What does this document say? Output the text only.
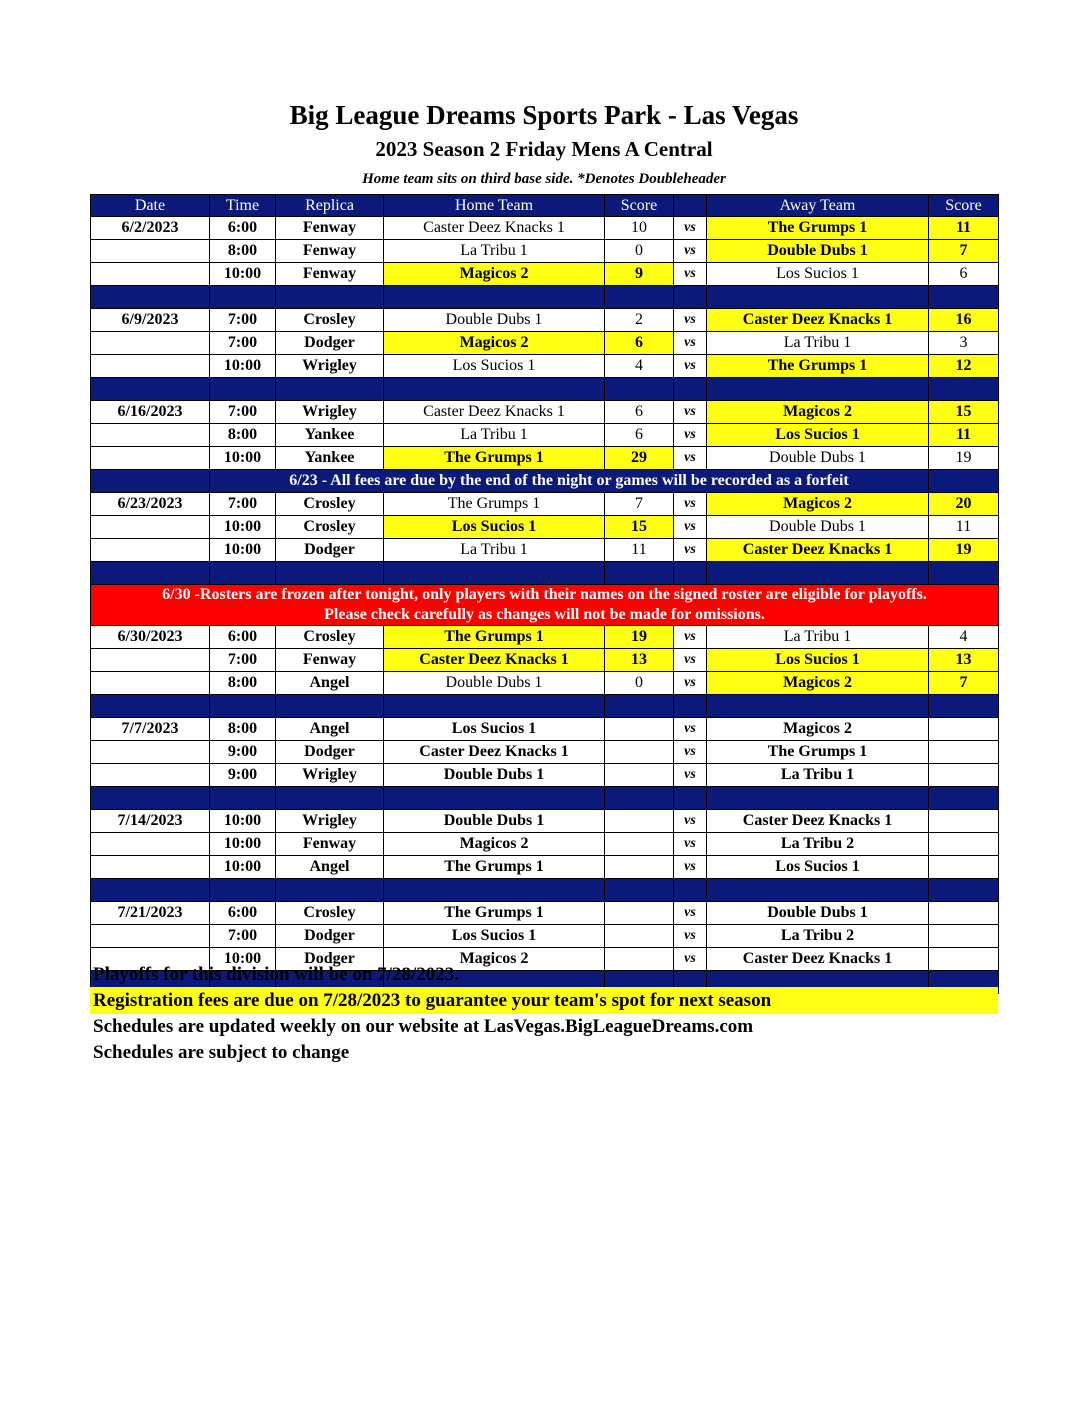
Big League Dreams Sports Park - Las Vegas
2023 Season 2 Friday Mens A Central
Home team sits on third base side. *Denotes Doubleheader
Date	Time	Replica	Home Team	Score		Away Team	Score
6/2/2023	6:00	Fenway	Caster Deez Knacks 1	10	vs	The Grumps 1	11
	8:00	Fenway	La Tribu 1	0	vs	Double Dubs 1	7
	10:00	Fenway	Magicos 2	9	vs	Los Sucios 1	6

6/9/2023	7:00	Crosley	Double Dubs 1	2	vs	Caster Deez Knacks 1	16
	7:00	Dodger	Magicos 2	6	vs	La Tribu 1	3
	10:00	Wrigley	Los Sucios 1	4	vs	The Grumps 1	12

6/16/2023	7:00	Wrigley	Caster Deez Knacks 1	6	vs	Magicos 2	15
	8:00	Yankee	La Tribu 1	6	vs	Los Sucios 1	11
	10:00	Yankee	The Grumps 1	29	vs	Double Dubs 1	19
	6/23 - All fees are due by the end of the night or games will be recorded as a forfeit						
6/23/2023	7:00	Crosley	The Grumps 1	7	vs	Magicos 2	20
	10:00	Crosley	Los Sucios 1	15	vs	Double Dubs 1	11
	10:00	Dodger	La Tribu 1	11	vs	Caster Deez Knacks 1	19

6/30 -Rosters are frozen after tonight, only players with their names on the signed roster are eligible for playoffs.
Please check carefully as changes will not be made for omissions.							

6/30/2023	6:00	Crosley	The Grumps 1	19	vs	La Tribu 1	4
	7:00	Fenway	Caster Deez Knacks 1	13	vs	Los Sucios 1	13
	8:00	Angel	Double Dubs 1	0	vs	Magicos 2	7

7/7/2023	8:00	Angel	Los Sucios 1		vs	Magicos 2	
	9:00	Dodger	Caster Deez Knacks 1		vs	The Grumps 1	
	9:00	Wrigley	Double Dubs 1		vs	La Tribu 1	

7/14/2023	10:00	Wrigley	Double Dubs 1		vs	Caster Deez Knacks 1	
	10:00	Fenway	Magicos 2		vs	La Tribu 2	
	10:00	Angel	The Grumps 1		vs	Los Sucios 1	

7/21/2023	6:00	Crosley	The Grumps 1		vs	Double Dubs 1	
	7:00	Dodger	Los Sucios 1		vs	La Tribu 2	
	10:00	Dodger	Magicos 2		vs	Caster Deez Knacks 1	

Playoffs for this division will be on 7/28/2023.
Registration fees are due on 7/28/2023 to guarantee your team's spot for next season
Schedules are updated weekly on our website at LasVegas.BigLeagueDreams.com
Schedules are subject to change
